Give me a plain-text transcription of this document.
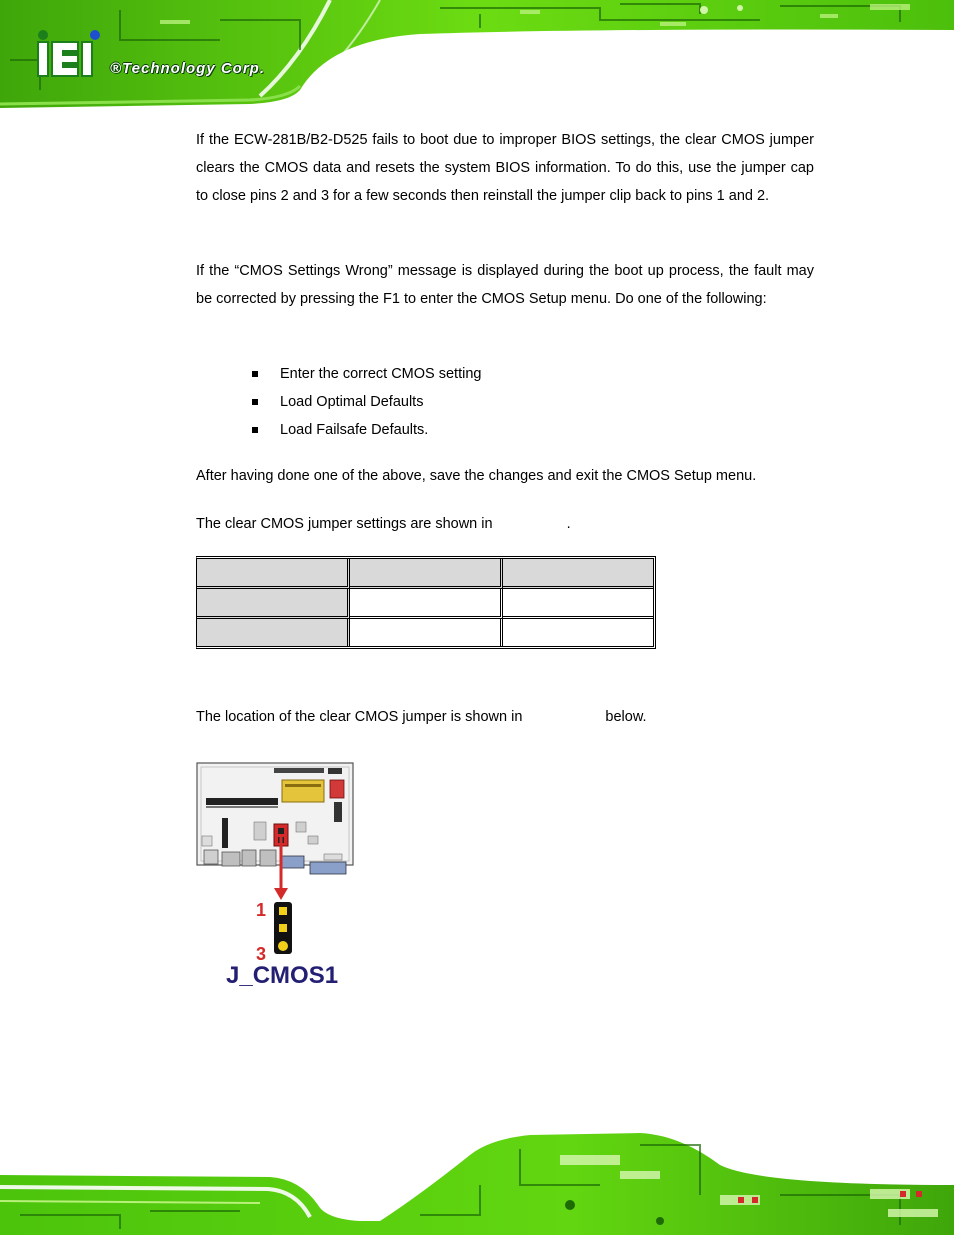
®Technology Corp.

If the ECW-281B/B2-D525 fails to boot due to improper BIOS settings, the clear CMOS jumper clears the CMOS data and resets the system BIOS information. To do this, use the jumper cap to close pins 2 and 3 for a few seconds then reinstall the jumper clip back to pins 1 and 2.

If the “CMOS Settings Wrong” message is displayed during the boot up process, the fault may be corrected by pressing the F1 to enter the CMOS Setup menu. Do one of the following:

Enter the correct CMOS setting
Load Optimal Defaults
Load Failsafe Defaults.
After having done one of the above, save the changes and exit the CMOS Setup menu.
The clear CMOS jumper settings are shown in	.

The location of the clear CMOS jumper is shown in	below.
1
3
J_CMOS1
